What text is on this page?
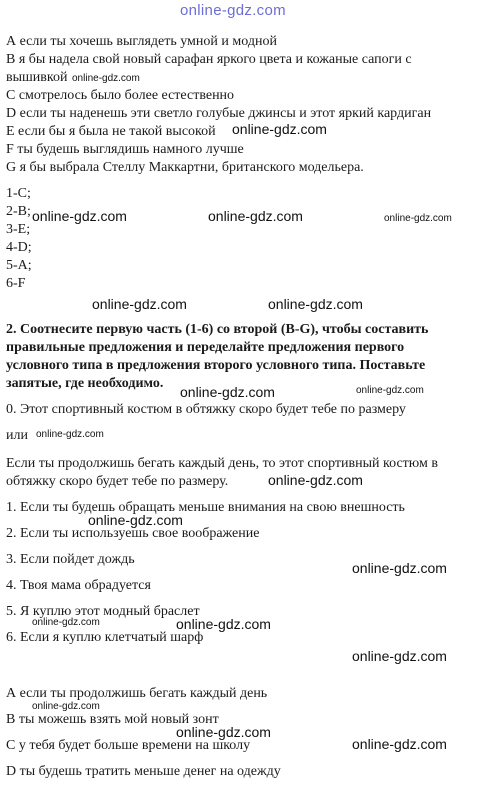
online-gdz.com
А если ты хочешь выглядеть умной и модной
В я бы надела свой новый сарафан яркого цвета и кожаные сапоги с
вышивкой
С смотрелось было более естественно
D если ты наденешь эти светло голубые джинсы и этот яркий кардиган
Е если бы я была не такой высокой
F ты будешь выглядишь намного лучше
G я бы выбрала Стеллу Маккартни, британского модельера.
1-С;
2-В;
3-Е;
4-D;
5-А;
6-F
2. Соотнесите первую часть (1-6) со второй (В-G), чтобы составить
правильные предложения и переделайте предложения первого
условного типа в предложения второго условного типа. Поставьте
запятые, где необходимо.
0. Этот спортивный костюм в обтяжку скоро будет тебе по размеру
или
Если ты продолжишь бегать каждый день, то этот спортивный костюм в
обтяжку скоро будет тебе по размеру.
1. Если ты будешь обращать меньше внимания на свою внешность
2. Если ты используешь свое воображение
3. Если пойдет дождь
4. Твоя мама обрадуется
5. Я куплю этот модный браслет
6. Если я куплю клетчатый шарф
А если ты продолжишь бегать каждый день
В ты можешь взять мой новый зонт
С у тебя будет больше времени на школу
D ты будешь тратить меньше денег на одежду
online-gdz.com
online-gdz.com
online-gdz.com	online-gdz.com	online-gdz.com
online-gdz.com	online-gdz.com
online-gdz.com	online-gdz.com
online-gdz.com
online-gdz.com
online-gdz.com
online-gdz.com
online-gdz.com	online-gdz.com
online-gdz.com
online-gdz.com
online-gdz.com
online-gdz.com
